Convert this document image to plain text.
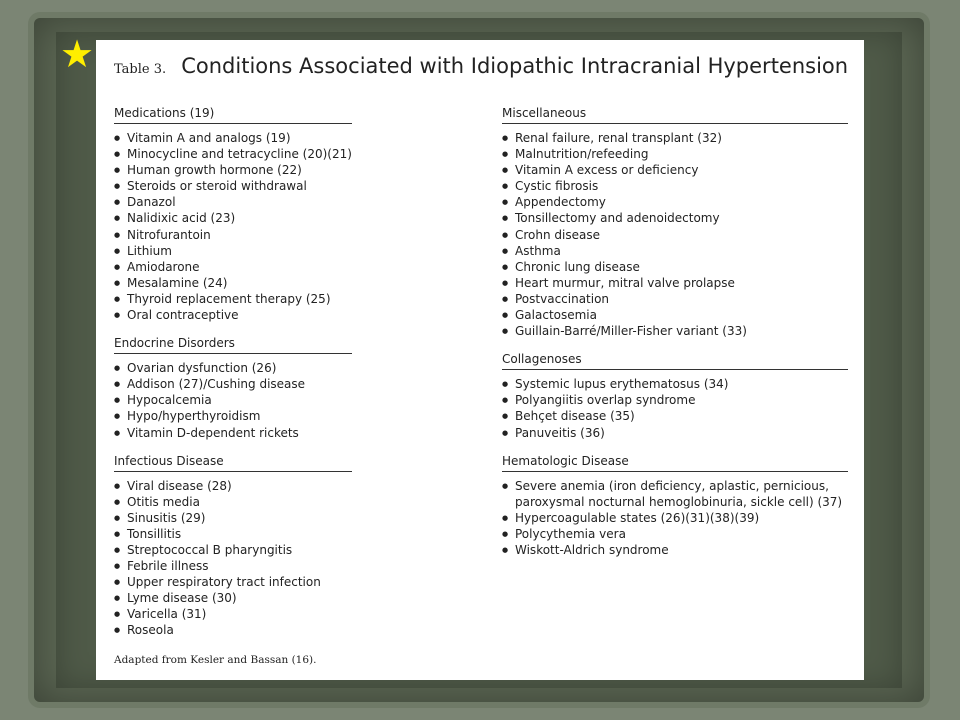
★	Table 3. Conditions Associated with Idiopathic Intracranial Hypertension
Medications (19)
● Vitamin A and analogs (19)
● Minocycline and tetracycline (20)(21)
● Human growth hormone (22)
● Steroids or steroid withdrawal
● Danazol
● Nalidixic acid (23)
● Nitrofurantoin
● Lithium
● Amiodarone
● Mesalamine (24)
● Thyroid replacement therapy (25)
● Oral contraceptive
Endocrine Disorders
● Ovarian dysfunction (26)
● Addison (27)/Cushing disease
● Hypocalcemia
● Hypo/hyperthyroidism
● Vitamin D-dependent rickets
Infectious Disease
● Viral disease (28)
● Otitis media
● Sinusitis (29)
● Tonsillitis
● Streptococcal B pharyngitis
● Febrile illness
● Upper respiratory tract infection
● Lyme disease (30)
● Varicella (31)
● Roseola
Miscellaneous
● Renal failure, renal transplant (32)
● Malnutrition/refeeding
● Vitamin A excess or deficiency
● Cystic fibrosis
● Appendectomy
● Tonsillectomy and adenoidectomy
● Crohn disease
● Asthma
● Chronic lung disease
● Heart murmur, mitral valve prolapse
● Postvaccination
● Galactosemia
● Guillain-Barré/Miller-Fisher variant (33)
Collagenoses
● Systemic lupus erythematosus (34)
● Polyangiitis overlap syndrome
● Behçet disease (35)
● Panuveitis (36)
Hematologic Disease
● Severe anemia (iron deficiency, aplastic, pernicious,
paroxysmal nocturnal hemoglobinuria, sickle cell) (37)
● Hypercoagulable states (26)(31)(38)(39)
● Polycythemia vera
● Wiskott-Aldrich syndrome
Adapted from Kesler and Bassan (16).
